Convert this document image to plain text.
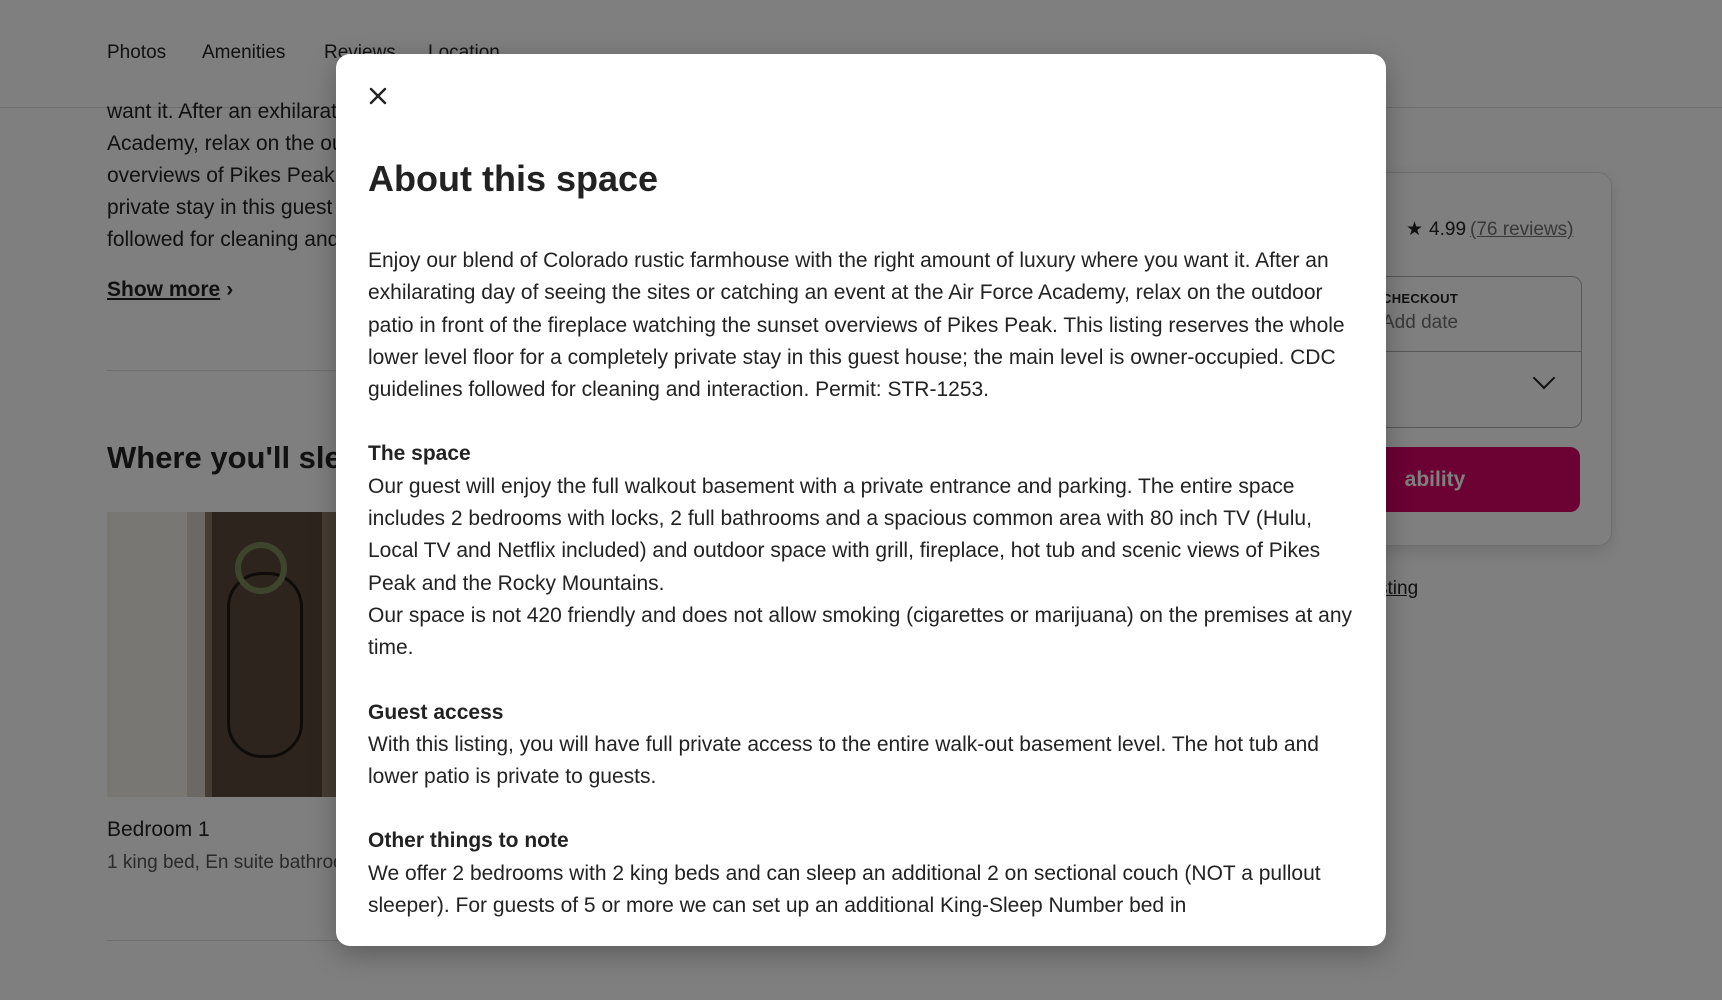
About this space

Enjoy our blend of Colorado rustic farmhouse with the right amount of luxury where you want it. After an exhilarating day of seeing the sites or catching an event at the Air Force Academy, relax on the outdoor patio in front of the fireplace watching the sunset overviews of Pikes Peak. This listing reserves the whole lower level floor for a completely private stay in this guest house; the main level is owner-occupied. CDC guidelines followed for cleaning and interaction. Permit: STR-1253.

The space

Our guest will enjoy the full walkout basement with a private entrance and parking. The entire space includes 2 bedrooms with locks, 2 full bathrooms and a spacious common area with 80 inch TV (Hulu, Local TV and Netflix included) and outdoor space with grill, fireplace, hot tub and scenic views of Pikes Peak and the Rocky Mountains.

Our space is not 420 friendly and does not allow smoking (cigarettes or marijuana) on the premises at any time.

Guest access

With this listing, you will have full private access to the entire walk-out basement level. The hot tub and lower patio is private to guests.

Other things to note

We offer 2 bedrooms with 2 king beds and can sleep an additional 2 on sectional couch (NOT a pullout sleeper). For guests of 5 or more we can set up an additional King-Sleep Number bed in
